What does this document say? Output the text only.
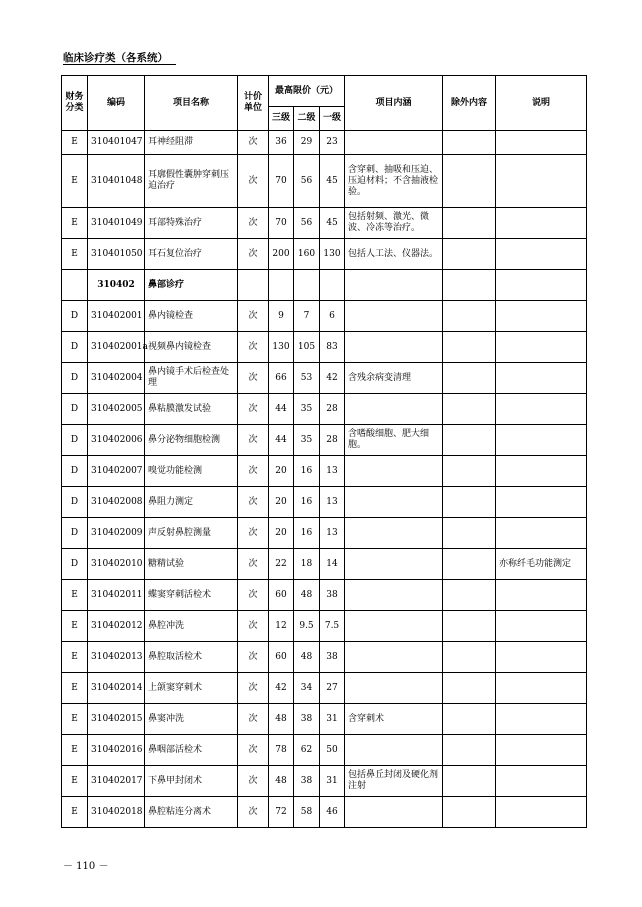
临床诊疗类（各系统）
财务分类	编码	项目名称	计价单位	最高限价（元）			项目内涵	除外内容	说明
				三级	二级	一级			
E	310401047	耳神经阻滞	次	36	29	23			
E	310401048	耳廓假性囊肿穿刺压迫治疗	次	70	56	45	含穿刺、抽吸和压迫、压迫材料；不含抽液检验。		
E	310401049	耳部特殊治疗	次	70	56	45	包括射频、激光、微波、冷冻等治疗。		
E	310401050	耳石复位治疗	次	200	160	130	包括人工法、仪器法。		
	310402	鼻部诊疗							
D	310402001	鼻内镜检查	次	9	7	6			
D	310402001a	视频鼻内镜检查	次	130	105	83			
D	310402004	鼻内镜手术后检查处理	次	66	53	42	含残余病变清理		
D	310402005	鼻粘膜激发试验	次	44	35	28			
D	310402006	鼻分泌物细胞检测	次	44	35	28	含嗜酸细胞、肥大细胞。		
D	310402007	嗅觉功能检测	次	20	16	13			
D	310402008	鼻阻力测定	次	20	16	13			
D	310402009	声反射鼻腔测量	次	20	16	13			
D	310402010	糖精试验	次	22	18	14			亦称纤毛功能测定
E	310402011	蝶窦穿刺活检术	次	60	48	38			
E	310402012	鼻腔冲洗	次	12	9.5	7.5			
E	310402013	鼻腔取活检术	次	60	48	38			
E	310402014	上颌窦穿刺术	次	42	34	27			
E	310402015	鼻窦冲洗	次	48	38	31	含穿刺术		
E	310402016	鼻咽部活检术	次	78	62	50			
E	310402017	下鼻甲封闭术	次	48	38	31	包括鼻丘封闭及硬化剂注射		
E	310402018	鼻腔粘连分离术	次	72	58	46			
－ 110 －
